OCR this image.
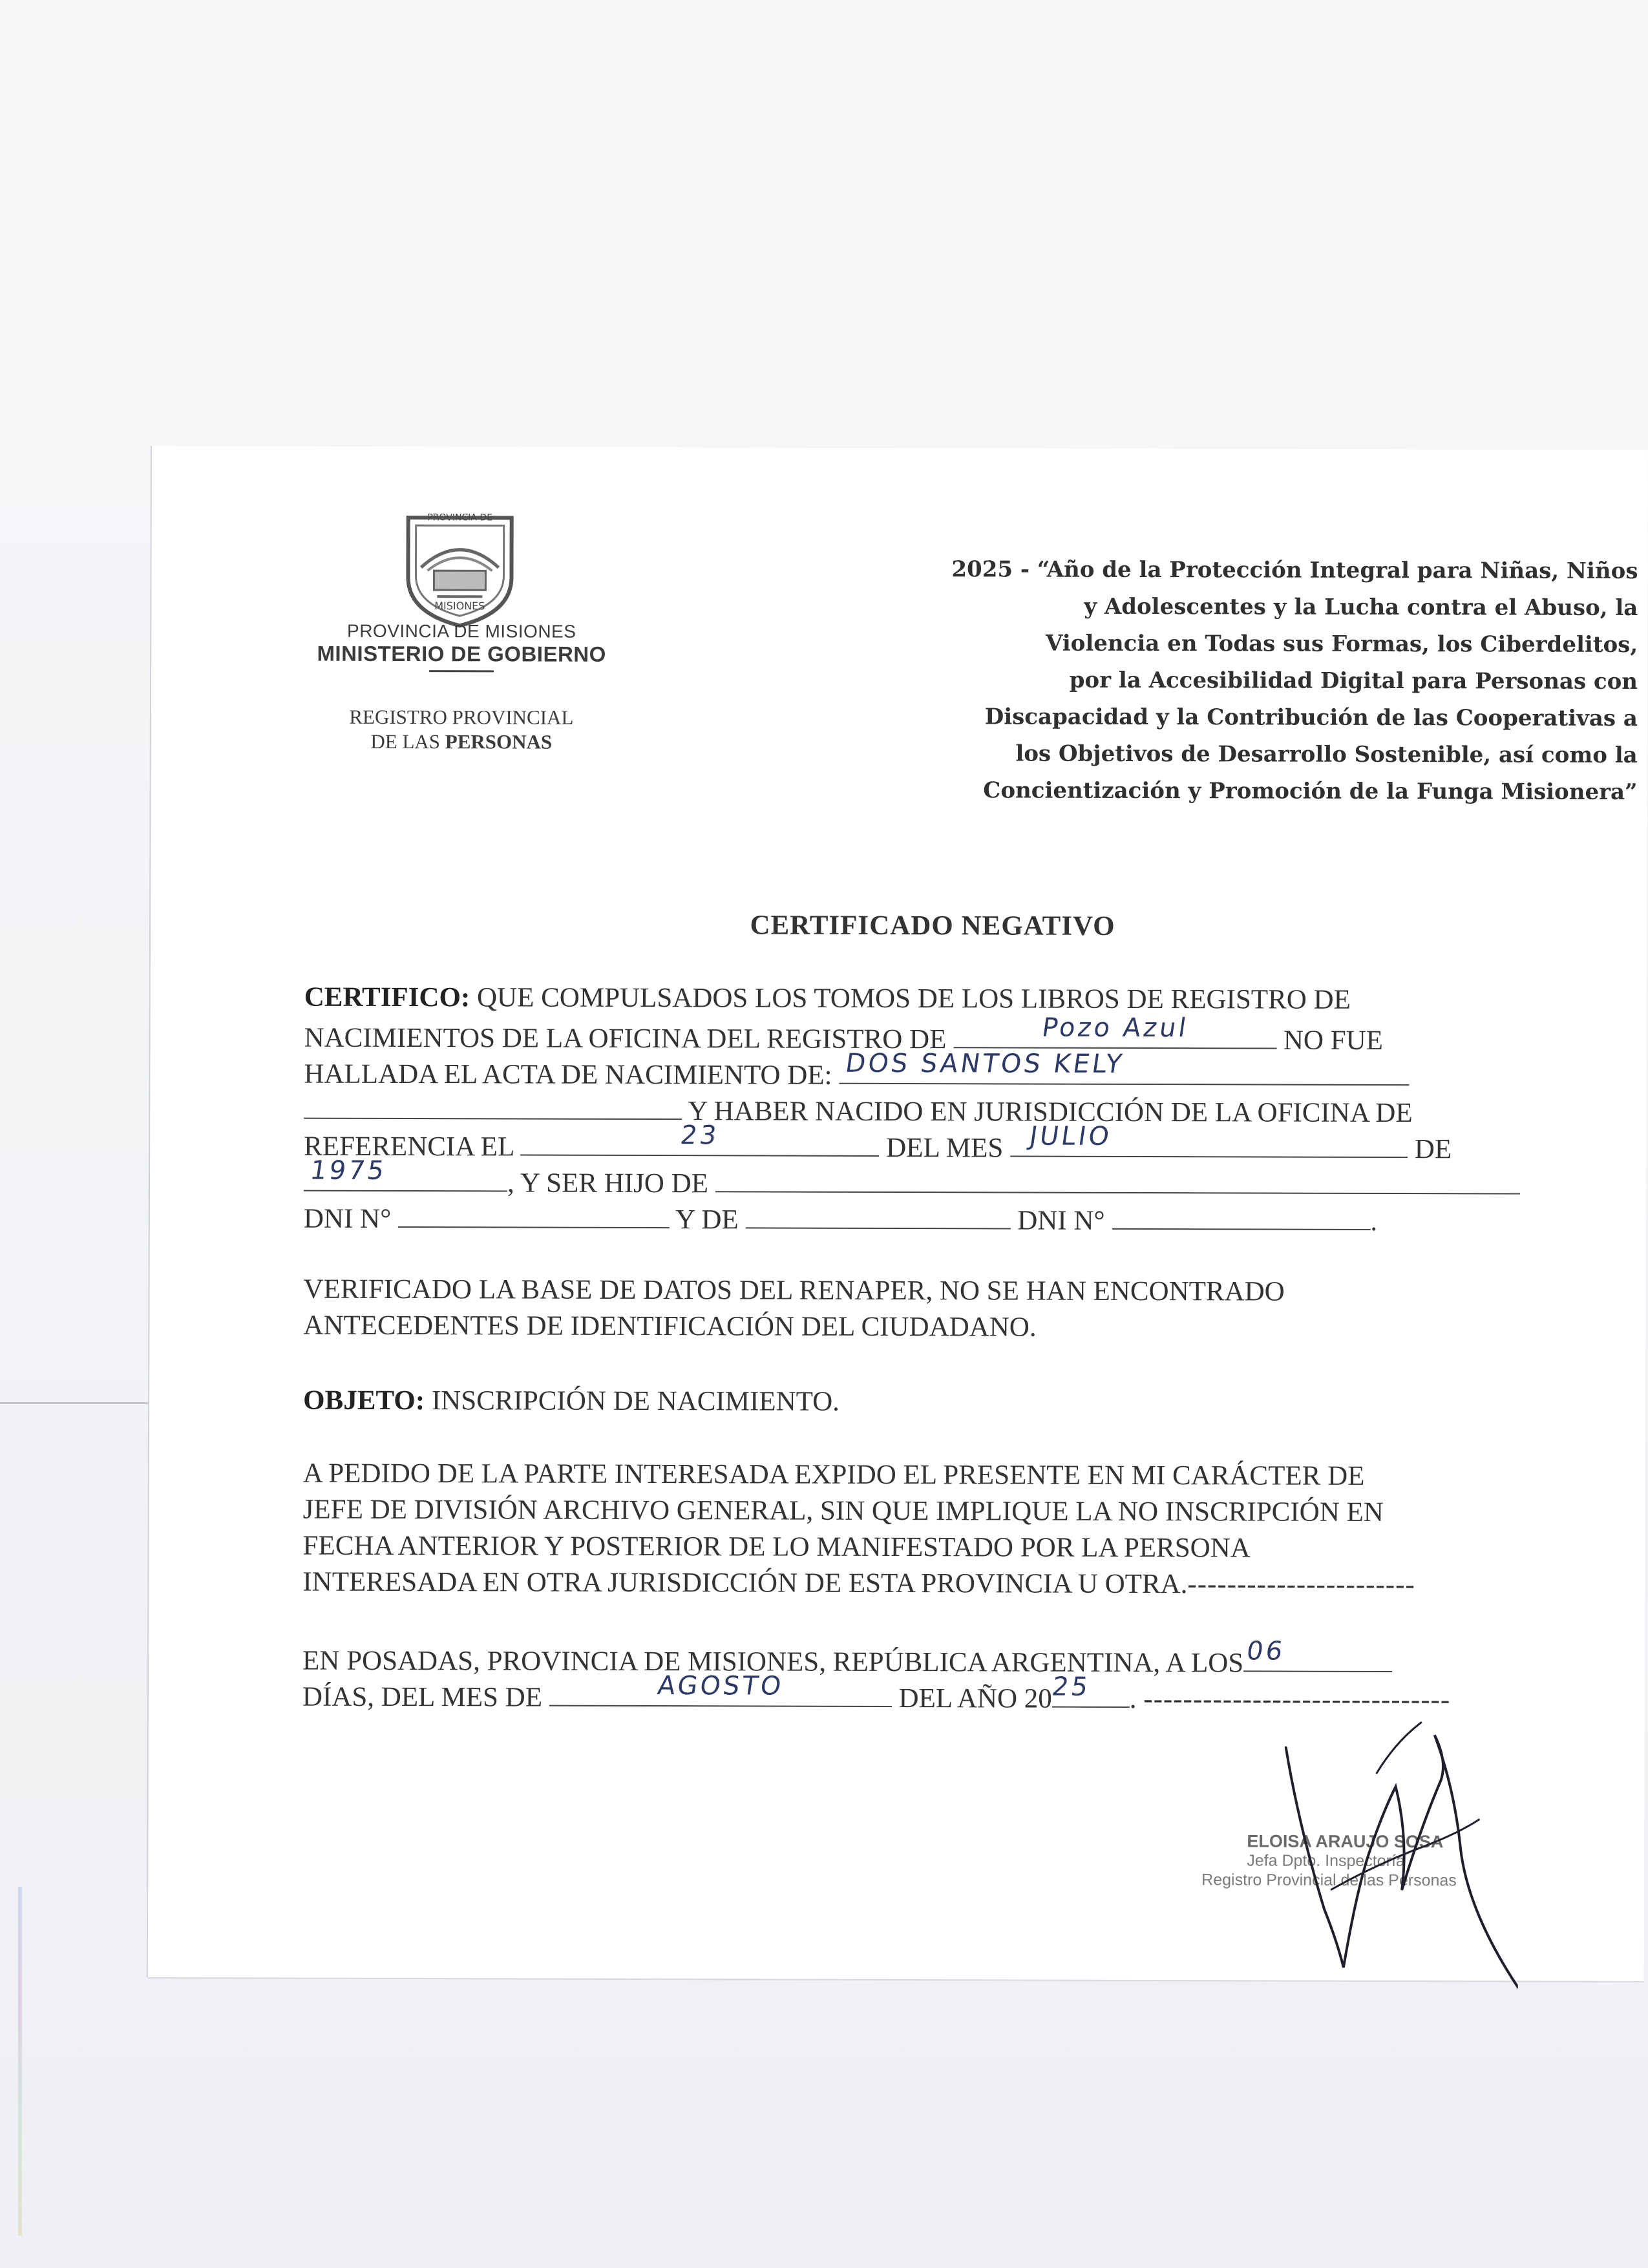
PROVINCIA DE
MISIONES
PROVINCIA DE MISIONES
MINISTERIO DE GOBIERNO
REGISTRO PROVINCIAL
DE LAS PERSONAS
2025 - “Año de la Protección Integral para Niñas, Niños
y Adolescentes y la Lucha contra el Abuso, la
Violencia en Todas sus Formas, los Ciberdelitos,
por la Accesibilidad Digital para Personas con
Discapacidad y la Contribución de las Cooperativas a
los Objetivos de Desarrollo Sostenible, así como la
Concientización y Promoción de la Funga Misionera”
CERTIFICADO NEGATIVO
CERTIFICO: QUE COMPULSADOS LOS TOMOS DE LOS LIBROS DE REGISTRO DE
NACIMIENTOS DE LA OFICINA DEL REGISTRO DE	Pozo Azul	NO FUE
HALLADA EL ACTA DE NACIMIENTO DE: DOS SANTOS KELY
Y HABER NACIDO EN JURISDICCIÓN DE LA OFICINA DE
REFERENCIA EL	23	DEL MES JULIO	DE
1975	, Y SER HIJO DE
DNI N°	Y DE	DNI N°	.
VERIFICADO LA BASE DE DATOS DEL RENAPER, NO SE HAN ENCONTRADO
ANTECEDENTES DE IDENTIFICACIÓN DEL CIUDADANO.
OBJETO: INSCRIPCIÓN DE NACIMIENTO.
A PEDIDO DE LA PARTE INTERESADA EXPIDO EL PRESENTE EN MI CARÁCTER DE
JEFE DE DIVISIÓN ARCHIVO GENERAL, SIN QUE IMPLIQUE LA NO INSCRIPCIÓN EN
FECHA ANTERIOR Y POSTERIOR DE LO MANIFESTADO POR LA PERSONA
INTERESADA EN OTRA JURISDICCIÓN DE ESTA PROVINCIA U OTRA.-----------------------
EN POSADAS, PROVINCIA DE MISIONES, REPÚBLICA ARGENTINA, A LOS 06
DÍAS, DEL MES DE	AGOSTO	DEL AÑO 20
25	. -------------------------------
ELOISA ARAUJO SOSA
Jefa Dpto. Inspectoría
Registro Provincial de las Personas
